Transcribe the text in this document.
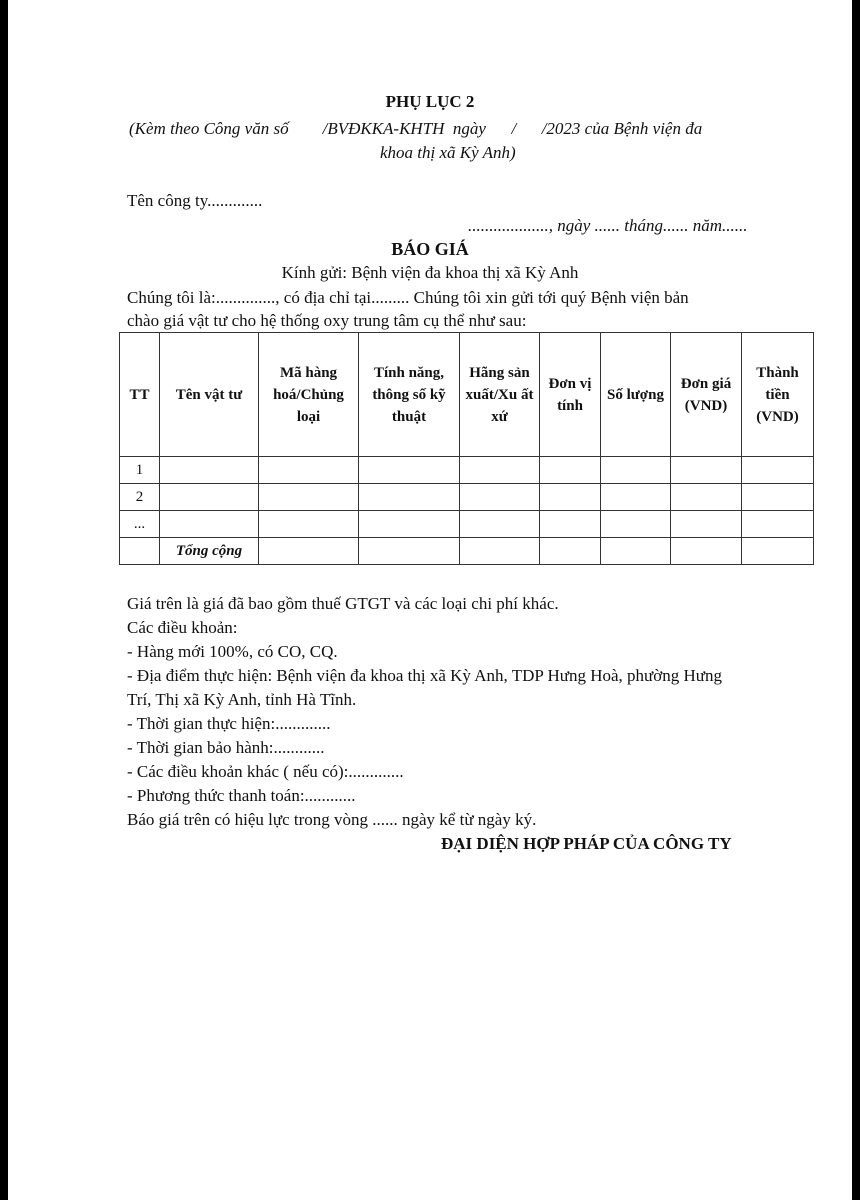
PHỤ LỤC 2
(Kèm theo Công văn số        /BVĐKKA-KHTH  ngày      /      /2023 của Bệnh viện đa
khoa thị xã Kỳ Anh)
Tên công ty.............
..................., ngày ...... tháng...... năm......
BÁO GIÁ
Kính gửi: Bệnh viện đa khoa thị xã Kỳ Anh
Chúng tôi là:.............., có địa chỉ tại......... Chúng tôi xin gửi tới quý Bệnh viện bản
chào giá vật tư cho hệ thống oxy trung tâm cụ thể như sau:
TT	Tên vật tư	Mã hàng hoá/Chủng loại	Tính năng, thông số kỹ thuật	Hãng sản xuất/Xu ất xứ	Đơn vị tính	Số lượng	Đơn giá (VND)	Thành tiền (VND)
1								
2								
...								
	Tổng cộng							
Giá trên là giá đã bao gồm thuế GTGT và các loại chi phí khác.
Các điều khoản:
- Hàng mới 100%, có CO, CQ.
- Địa điểm thực hiện: Bệnh viện đa khoa thị xã Kỳ Anh, TDP Hưng Hoà, phường Hưng
Trí, Thị xã Kỳ Anh, tỉnh Hà Tĩnh.
- Thời gian thực hiện:.............
- Thời gian bảo hành:............
- Các điều khoản khác ( nếu có):.............
- Phương thức thanh toán:............
Báo giá trên có hiệu lực trong vòng ...... ngày kể từ ngày ký.
ĐẠI DIỆN HỢP PHÁP CỦA CÔNG TY
